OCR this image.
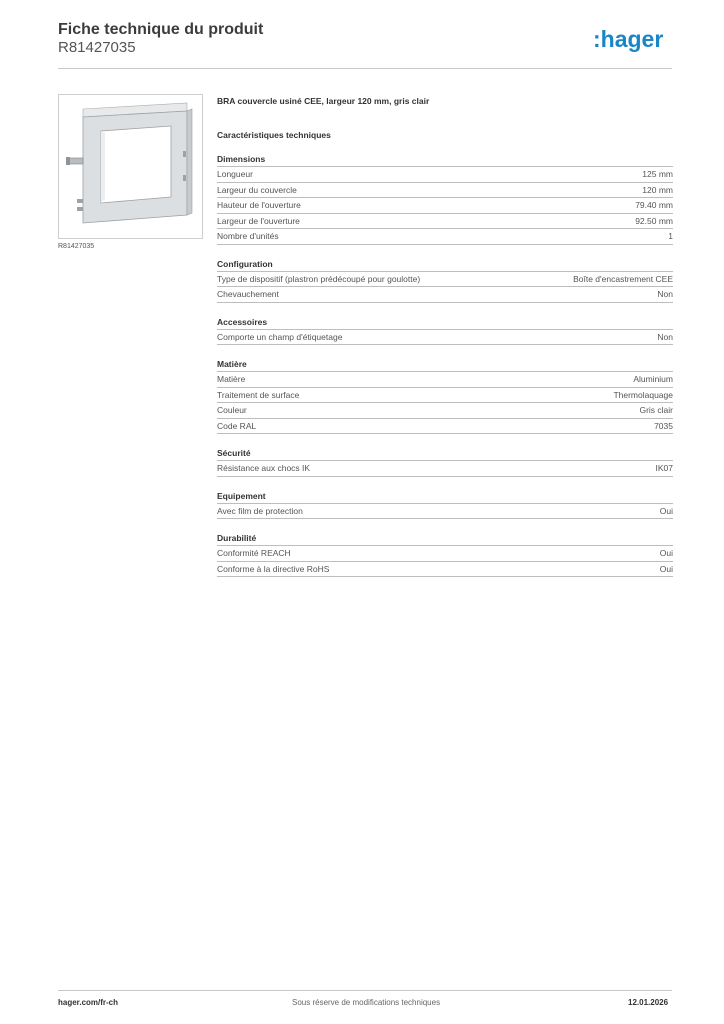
Fiche technique du produit
R81427035	:hager
R81427035
BRA couvercle usiné CEE, largeur 120 mm, gris clair
Caractéristiques techniques
Dimensions
Longueur	125 mm
Largeur du couvercle	120 mm
Hauteur de l'ouverture	79.40 mm
Largeur de l'ouverture	92.50 mm
Nombre d'unités	1
Configuration
Type de dispositif (plastron prédécoupé pour goulotte)	Boîte d'encastrement CEE
Chevauchement	Non
Accessoires
Comporte un champ d'étiquetage	Non
Matière
Matière	Aluminium
Traitement de surface	Thermolaquage
Couleur	Gris clair
Code RAL	7035
Sécurité
Résistance aux chocs IK	IK07
Equipement
Avec film de protection	Oui
Durabilité
Conformité REACH	Oui
Conforme à la directive RoHS	Oui
hager.com/fr-ch	Sous réserve de modifications techniques	12.01.2026
